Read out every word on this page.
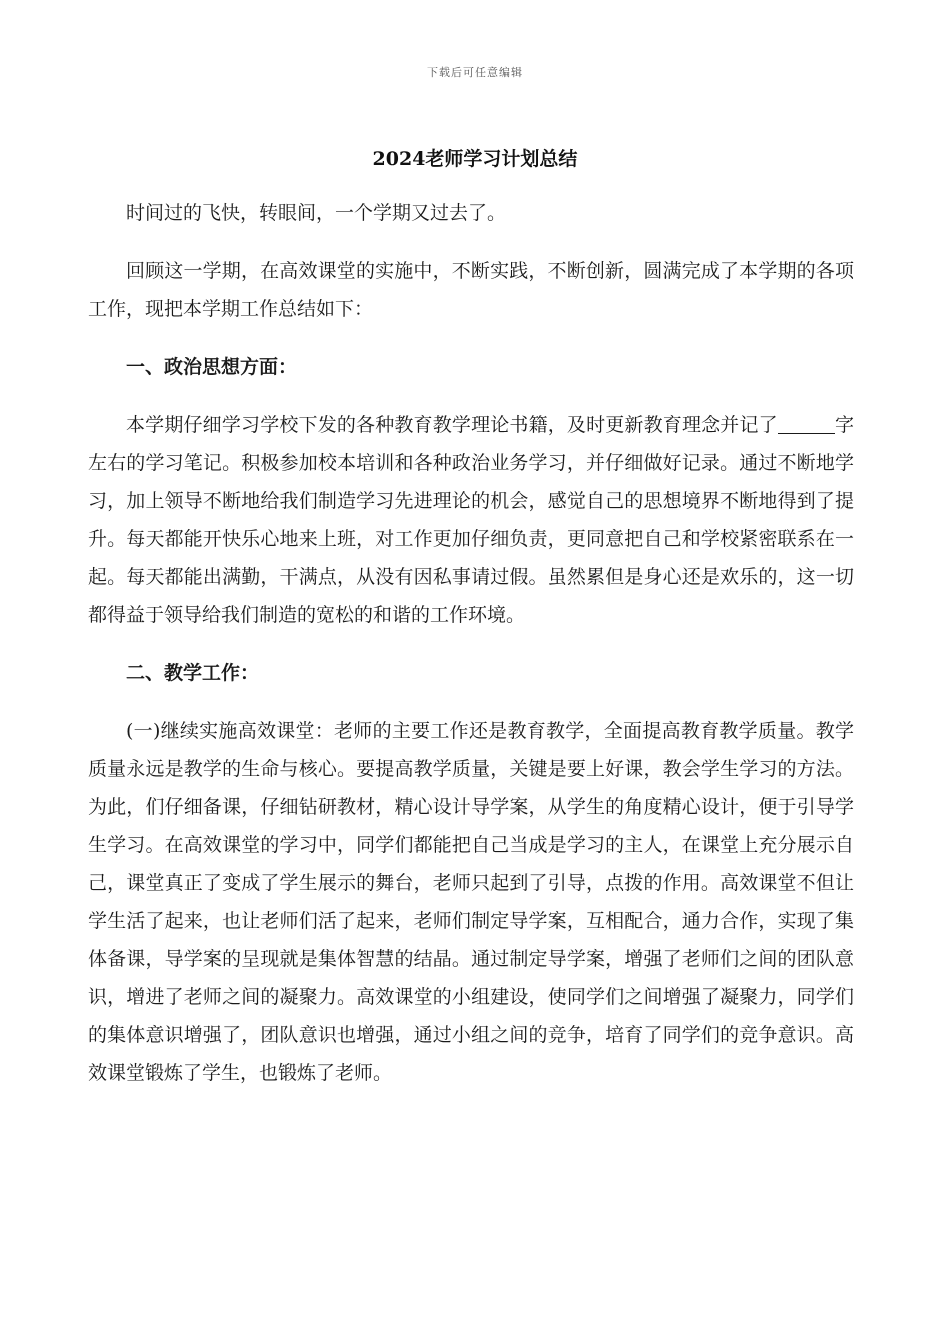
下载后可任意编辑
2024老师学习计划总结

时间过的飞快，转眼间，一个学期又过去了。

回顾这一学期，在高效课堂的实施中，不断实践，不断创新，圆满完成了本学期的各项工作，现把本学期工作总结如下：

一、政治思想方面：

本学期仔细学习学校下发的各种教育教学理论书籍，及时更新教育理念并记了	字左右的学习笔记。积极参加校本培训和各种政治业务学习，并仔细做好记录。通过不断地学习，加上领导不断地给我们制造学习先进理论的机会，感觉自己的思想境界不断地得到了提升。每天都能开快乐心地来上班，对工作更加仔细负责，更同意把自己和学校紧密联系在一起。每天都能出满勤，干满点，从没有因私事请过假。虽然累但是身心还是欢乐的，这一切都得益于领导给我们制造的宽松的和谐的工作环境。

二、教学工作：

(一)继续实施高效课堂：老师的主要工作还是教育教学，全面提高教育教学质量。教学质量永远是教学的生命与核心。要提高教学质量，关键是要上好课，教会学生学习的方法。为此，们仔细备课，仔细钻研教材，精心设计导学案，从学生的角度精心设计，便于引导学生学习。在高效课堂的学习中，同学们都能把自己当成是学习的主人，在课堂上充分展示自己，课堂真正了变成了学生展示的舞台，老师只起到了引导，点拨的作用。高效课堂不但让学生活了起来，也让老师们活了起来，老师们制定导学案，互相配合，通力合作，实现了集体备课，导学案的呈现就是集体智慧的结晶。通过制定导学案，增强了老师们之间的团队意识，增进了老师之间的凝聚力。高效课堂的小组建设，使同学们之间增强了凝聚力，同学们的集体意识增强了，团队意识也增强，通过小组之间的竞争，培育了同学们的竞争意识。高效课堂锻炼了学生，也锻炼了老师。
